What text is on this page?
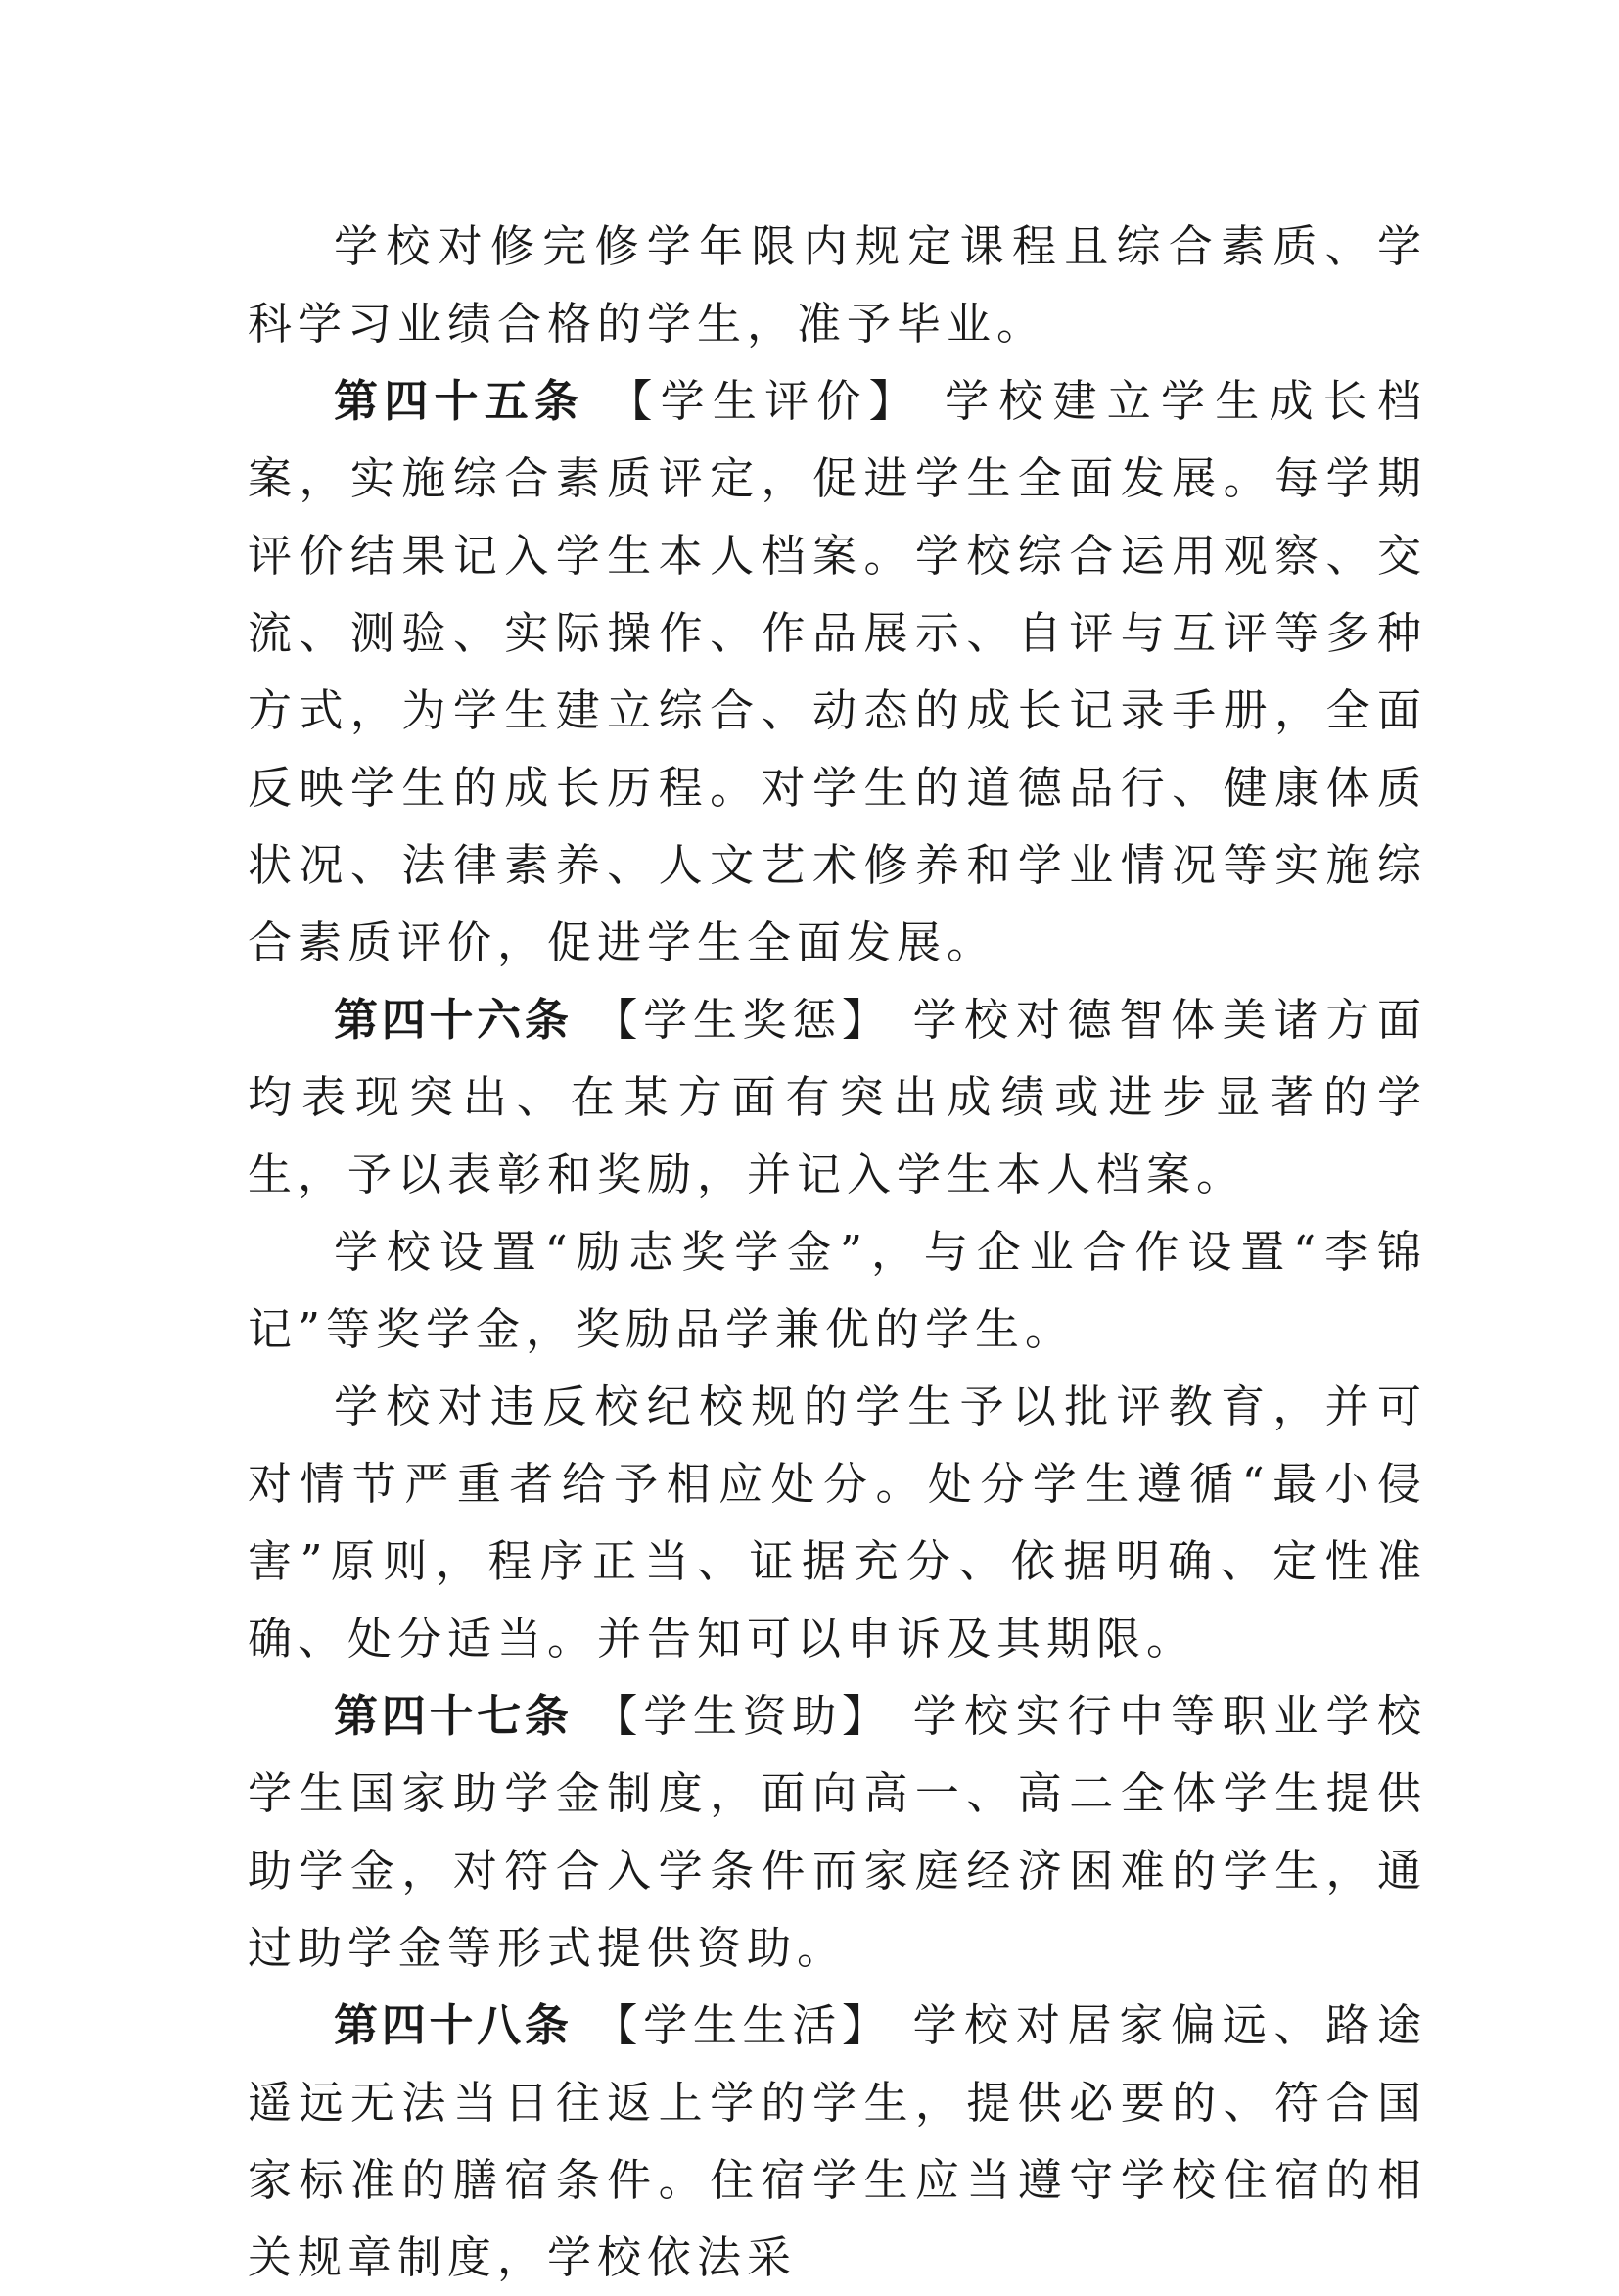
学校对修完修学年限内规定课程且综合素质、学科学习业绩合格的学生，准予毕业。

第四十五条 【学生评价】 学校建立学生成长档案，实施综合素质评定，促进学生全面发展。每学期评价结果记入学生本人档案。学校综合运用观察、交流、测验、实际操作、作品展示、自评与互评等多种方式，为学生建立综合、动态的成长记录手册，全面反映学生的成长历程。对学生的道德品行、健康体质状况、法律素养、人文艺术修养和学业情况等实施综合素质评价，促进学生全面发展。

第四十六条 【学生奖惩】 学校对德智体美诸方面均表现突出、在某方面有突出成绩或进步显著的学生，予以表彰和奖励，并记入学生本人档案。

学校设置“励志奖学金”，与企业合作设置“李锦记”等奖学金，奖励品学兼优的学生。

学校对违反校纪校规的学生予以批评教育，并可对情节严重者给予相应处分。处分学生遵循“最小侵害”原则，程序正当、证据充分、依据明确、定性准确、处分适当。并告知可以申诉及其期限。

第四十七条 【学生资助】 学校实行中等职业学校学生国家助学金制度，面向高一、高二全体学生提供助学金，对符合入学条件而家庭经济困难的学生，通过助学金等形式提供资助。

第四十八条 【学生生活】 学校对居家偏远、路途遥远无法当日往返上学的学生，提供必要的、符合国家标准的膳宿条件。住宿学生应当遵守学校住宿的相关规章制度，学校依法采
